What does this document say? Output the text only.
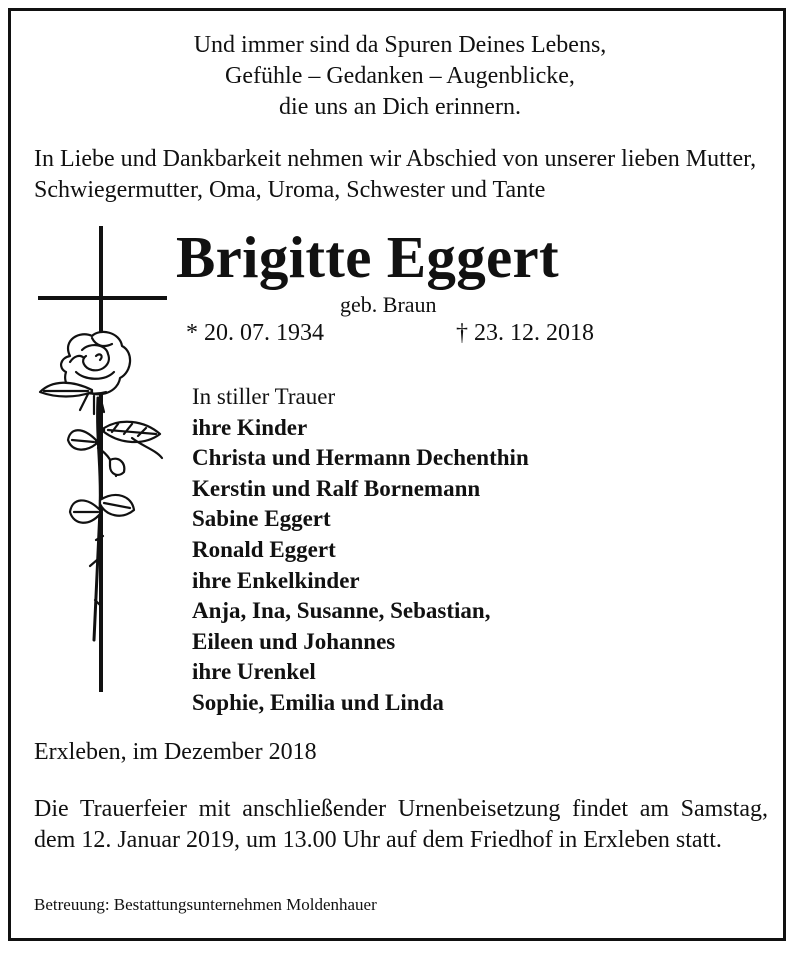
Und immer sind da Spuren Deines Lebens,
Gefühle – Gedanken – Augenblicke,
die uns an Dich erinnern.
In Liebe und Dankbarkeit nehmen wir Abschied von unserer lieben Mutter, Schwiegermutter, Oma, Uroma, Schwester und Tante
Brigitte Eggert
geb. Braun
* 20. 07. 1934	† 23. 12. 2018
In stiller Trauer
ihre Kinder
Christa und Hermann Dechenthin
Kerstin und Ralf Bornemann
Sabine Eggert
Ronald Eggert
ihre Enkelkinder
Anja, Ina, Susanne, Sebastian,
Eileen und Johannes
ihre Urenkel
Sophie, Emilia und Linda
Erxleben, im Dezember 2018
Die Trauerfeier mit anschließender Urnenbeisetzung findet am Samstag, dem 12. Januar 2019, um 13.00 Uhr auf dem Friedhof in Erxleben statt.
Betreuung: Bestattungsunternehmen Moldenhauer
